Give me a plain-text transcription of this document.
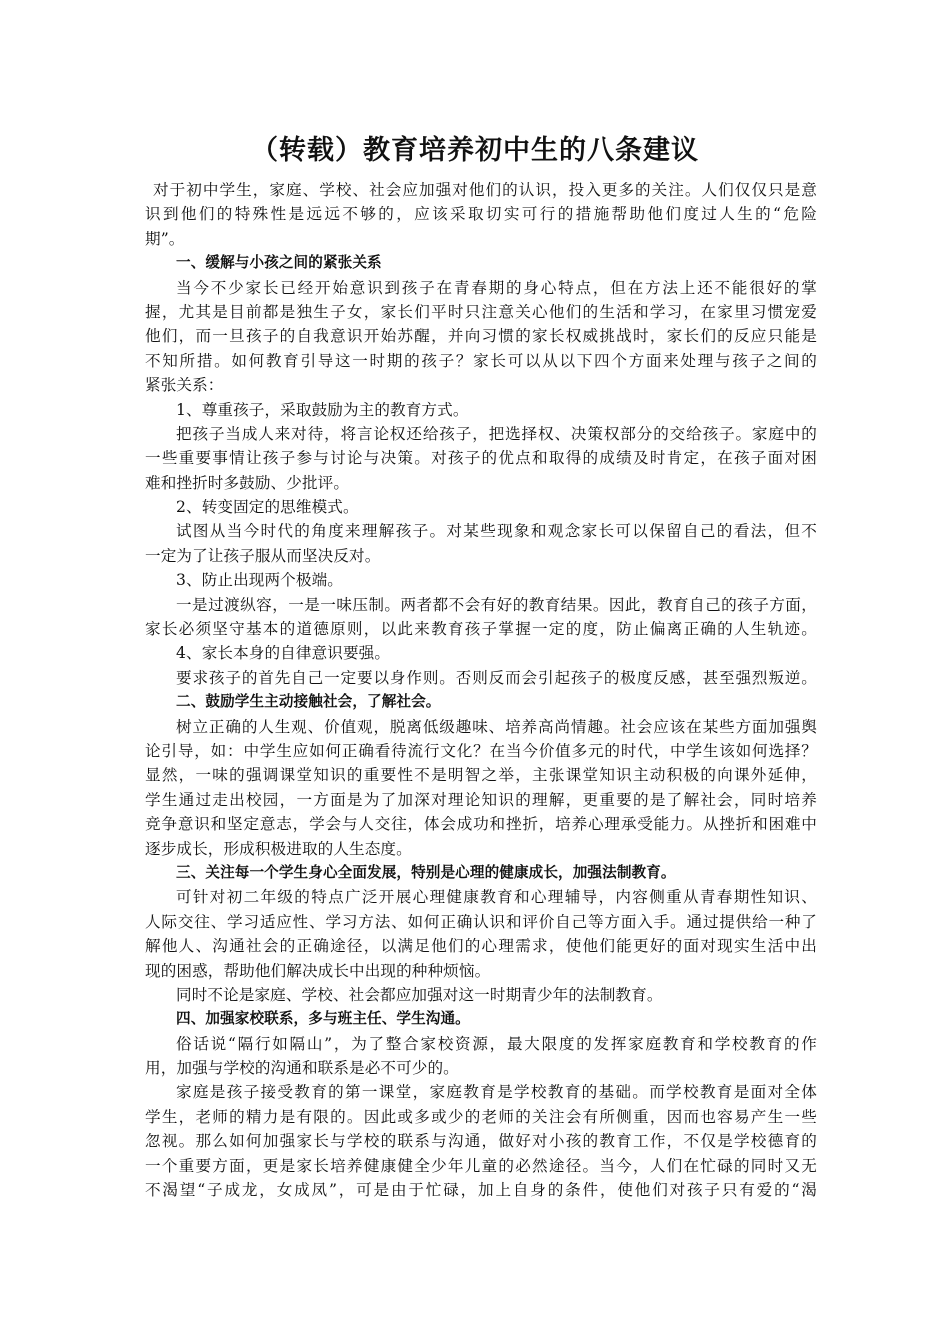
（转载）教育培养初中生的八条建议
对于初中学生，家庭、学校、社会应加强对他们的认识，投入更多的关注。人们仅仅只是意
识到他们的特殊性是远远不够的，应该采取切实可行的措施帮助他们度过人生的“危险
期”。
一、缓解与小孩之间的紧张关系
当今不少家长已经开始意识到孩子在青春期的身心特点，但在方法上还不能很好的掌
握，尤其是目前都是独生子女，家长们平时只注意关心他们的生活和学习，在家里习惯宠爱
他们，而一旦孩子的自我意识开始苏醒，并向习惯的家长权威挑战时，家长们的反应只能是
不知所措。如何教育引导这一时期的孩子？家长可以从以下四个方面来处理与孩子之间的
紧张关系：
1、尊重孩子，采取鼓励为主的教育方式。
把孩子当成人来对待，将言论权还给孩子，把选择权、决策权部分的交给孩子。家庭中的
一些重要事情让孩子参与讨论与决策。对孩子的优点和取得的成绩及时肯定，在孩子面对困
难和挫折时多鼓励、少批评。
2、转变固定的思维模式。
试图从当今时代的角度来理解孩子。对某些现象和观念家长可以保留自己的看法，但不
一定为了让孩子服从而坚决反对。
3、防止出现两个极端。
一是过渡纵容，一是一味压制。两者都不会有好的教育结果。因此，教育自己的孩子方面，
家长必须坚守基本的道德原则，以此来教育孩子掌握一定的度，防止偏离正确的人生轨迹。
4、家长本身的自律意识要强。
要求孩子的首先自己一定要以身作则。否则反而会引起孩子的极度反感，甚至强烈叛逆。
二、鼓励学生主动接触社会，了解社会。
树立正确的人生观、价值观，脱离低级趣味、培养高尚情趣。社会应该在某些方面加强舆
论引导，如：中学生应如何正确看待流行文化？在当今价值多元的时代，中学生该如何选择？
显然，一味的强调课堂知识的重要性不是明智之举，主张课堂知识主动积极的向课外延伸，
学生通过走出校园，一方面是为了加深对理论知识的理解，更重要的是了解社会，同时培养
竞争意识和坚定意志，学会与人交往，体会成功和挫折，培养心理承受能力。从挫折和困难中
逐步成长，形成积极进取的人生态度。
三、关注每一个学生身心全面发展，特别是心理的健康成长，加强法制教育。
可针对初二年级的特点广泛开展心理健康教育和心理辅导，内容侧重从青春期性知识、
人际交往、学习适应性、学习方法、如何正确认识和评价自己等方面入手。通过提供给一种了
解他人、沟通社会的正确途径，以满足他们的心理需求，使他们能更好的面对现实生活中出
现的困惑，帮助他们解决成长中出现的种种烦恼。
同时不论是家庭、学校、社会都应加强对这一时期青少年的法制教育。
四、加强家校联系，多与班主任、学生沟通。
俗话说“隔行如隔山”，为了整合家校资源，最大限度的发挥家庭教育和学校教育的作
用，加强与学校的沟通和联系是必不可少的。
家庭是孩子接受教育的第一课堂，家庭教育是学校教育的基础。而学校教育是面对全体
学生，老师的精力是有限的。因此或多或少的老师的关注会有所侧重，因而也容易产生一些
忽视。那么如何加强家长与学校的联系与沟通，做好对小孩的教育工作，不仅是学校德育的
一个重要方面，更是家长培养健康健全少年儿童的必然途径。当今，人们在忙碌的同时又无
不渴望“子成龙，女成凤”，可是由于忙碌，加上自身的条件，使他们对孩子只有爱的“渴
